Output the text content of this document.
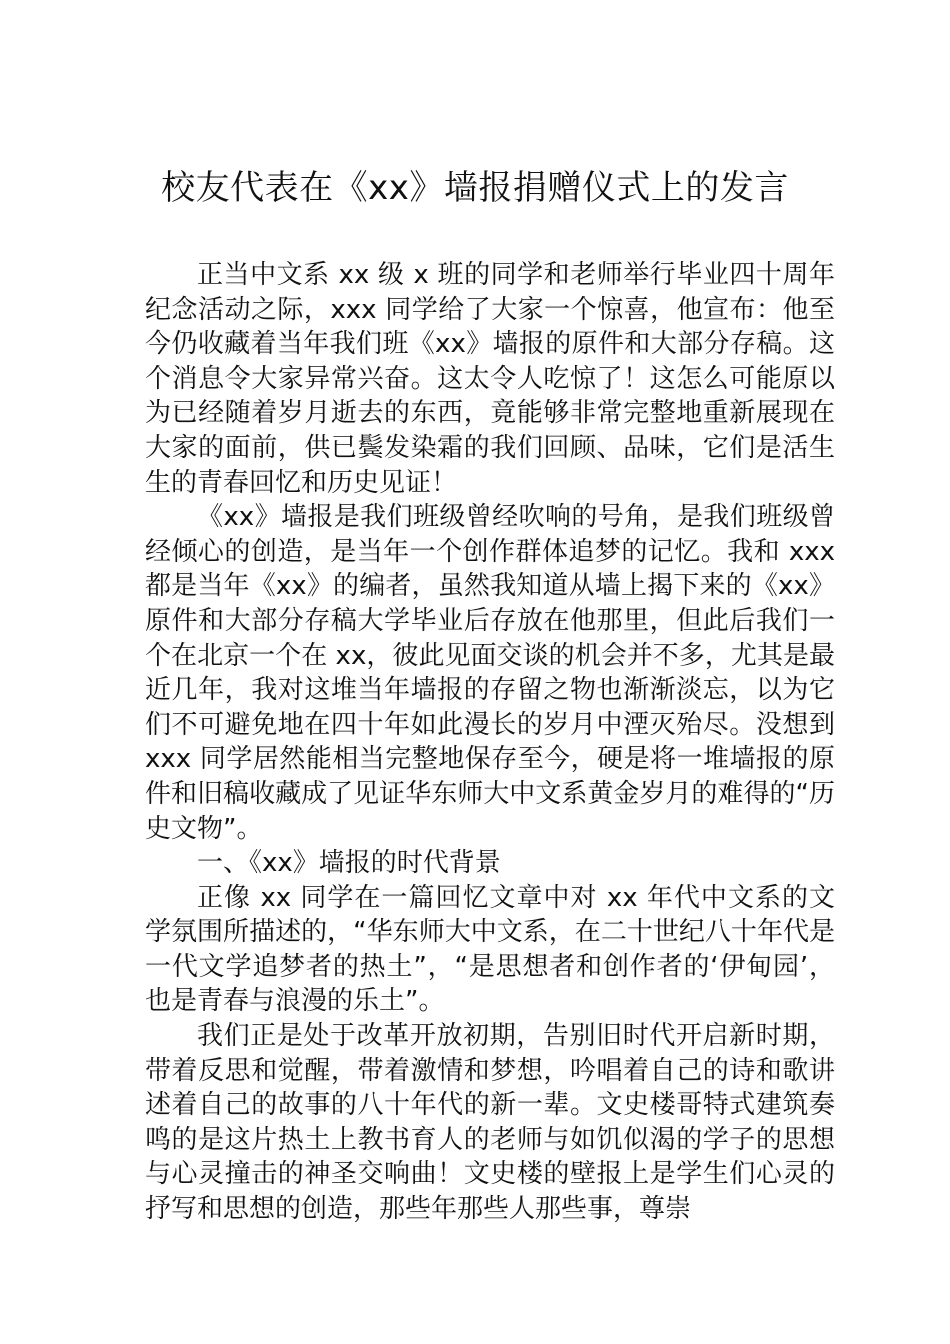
校友代表在《xx》墙报捐赠仪式上的发言

正当中文系 xx 级 x 班的同学和老师举行毕业四十周年纪念活动之际，xxx 同学给了大家一个惊喜，他宣布：他至今仍收藏着当年我们班《xx》墙报的原件和大部分存稿。这个消息令大家异常兴奋。这太令人吃惊了！这怎么可能原以为已经随着岁月逝去的东西，竟能够非常完整地重新展现在大家的面前，供已鬓发染霜的我们回顾、品味，它们是活生生的青春回忆和历史见证！

《xx》墙报是我们班级曾经吹响的号角，是我们班级曾经倾心的创造，是当年一个创作群体追梦的记忆。我和 xxx 都是当年《xx》的编者，虽然我知道从墙上揭下来的《xx》原件和大部分存稿大学毕业后存放在他那里，但此后我们一个在北京一个在 xx，彼此见面交谈的机会并不多，尤其是最近几年，我对这堆当年墙报的存留之物也渐渐淡忘，以为它们不可避免地在四十年如此漫长的岁月中湮灭殆尽。没想到 xxx 同学居然能相当完整地保存至今，硬是将一堆墙报的原件和旧稿收藏成了见证华东师大中文系黄金岁月的难得的“历史文物”。

一、《xx》墙报的时代背景

正像 xx 同学在一篇回忆文章中对 xx 年代中文系的文学氛围所描述的，“华东师大中文系，在二十世纪八十年代是一代文学追梦者的热土”，“是思想者和创作者的‘伊甸园’，也是青春与浪漫的乐土”。

我们正是处于改革开放初期，告别旧时代开启新时期，带着反思和觉醒，带着激情和梦想，吟唱着自己的诗和歌讲述着自己的故事的八十年代的新一辈。文史楼哥特式建筑奏鸣的是这片热土上教书育人的老师与如饥似渴的学子的思想与心灵撞击的神圣交响曲！文史楼的壁报上是学生们心灵的抒写和思想的创造，那些年那些人那些事，尊崇
